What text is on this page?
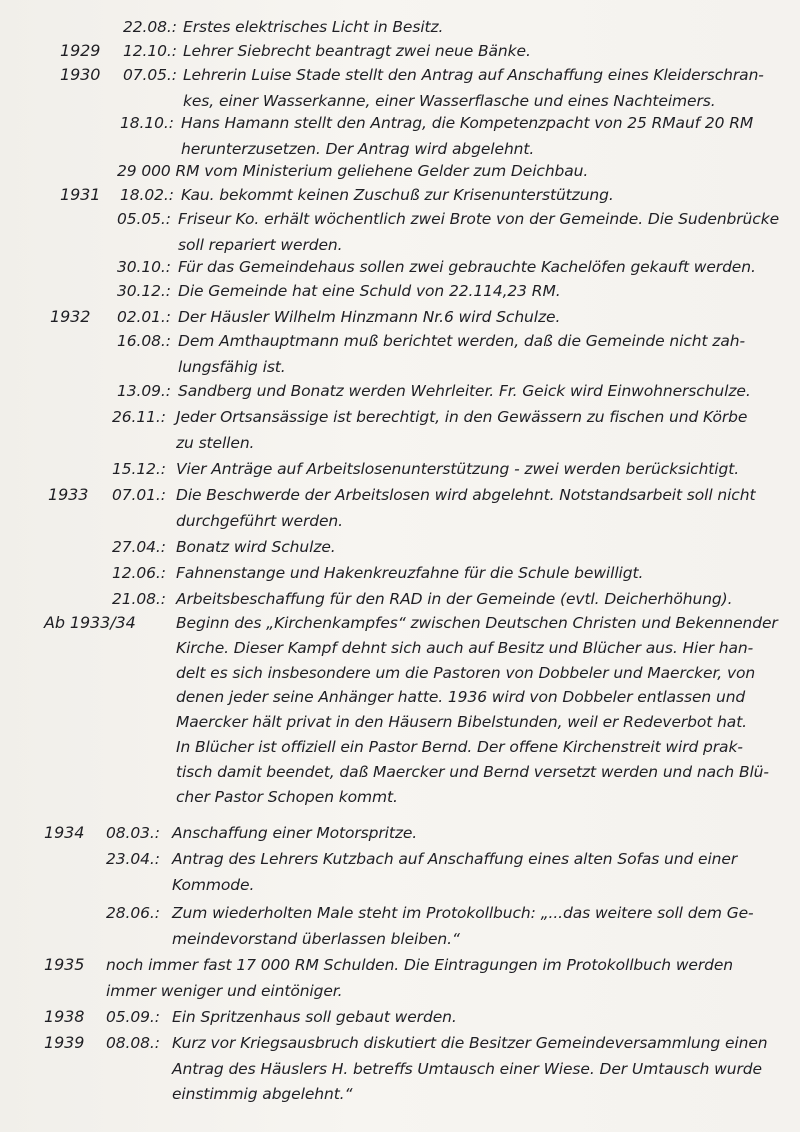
22.08.: Erstes elektrisches Licht in Besitz.
1929 12.10.: Lehrer Siebrecht beantragt zwei neue Bänke.
1930 07.05.: Lehrerin Luise Stade stellt den Antrag auf Anschaffung eines Kleiderschran-
kes, einer Wasserkanne, einer Wasserflasche und eines Nachteimers.
18.10.: Hans Hamann stellt den Antrag, die Kompetenzpacht von 25 RMauf 20 RM
herunterzusetzen. Der Antrag wird abgelehnt.
29 000 RM vom Ministerium geliehene Gelder zum Deichbau.
1931 18.02.: Kau. bekommt keinen Zuschuß zur Krisenunterstützung.
05.05.: Friseur Ko. erhält wöchentlich zwei Brote von der Gemeinde. Die Sudenbrücke
soll repariert werden.
30.10.: Für das Gemeindehaus sollen zwei gebrauchte Kachelöfen gekauft werden.
30.12.: Die Gemeinde hat eine Schuld von 22.114,23 RM.
1932 02.01.: Der Häusler Wilhelm Hinzmann Nr.6 wird Schulze.
16.08.: Dem Amthauptmann muß berichtet werden, daß die Gemeinde nicht zah-
lungsfähig ist.
13.09.: Sandberg und Bonatz werden Wehrleiter. Fr. Geick wird Einwohnerschulze.
26.11.: Jeder Ortsansässige ist berechtigt, in den Gewässern zu fischen und Körbe
zu stellen.
15.12.: Vier Anträge auf Arbeitslosenunterstützung - zwei werden berücksichtigt.
1933 07.01.: Die Beschwerde der Arbeitslosen wird abgelehnt. Notstandsarbeit soll nicht
durchgeführt werden.
27.04.: Bonatz wird Schulze.
12.06.: Fahnenstange und Hakenkreuzfahne für die Schule bewilligt.
21.08.: Arbeitsbeschaffung für den RAD in der Gemeinde (evtl. Deicherhöhung).
Ab 1933/34	Beginn des „Kirchenkampfes“ zwischen Deutschen Christen und Bekennender
Kirche. Dieser Kampf dehnt sich auch auf Besitz und Blücher aus. Hier han-
delt es sich insbesondere um die Pastoren von Dobbeler und Maercker, von
denen jeder seine Anhänger hatte. 1936 wird von Dobbeler entlassen und
Maercker hält privat in den Häusern Bibelstunden, weil er Redeverbot hat.
In Blücher ist offiziell ein Pastor Bernd. Der offene Kirchenstreit wird prak-
tisch damit beendet, daß Maercker und Bernd versetzt werden und nach Blü-
cher Pastor Schopen kommt.
1934 08.03.: Anschaffung einer Motorspritze.
23.04.: Antrag des Lehrers Kutzbach auf Anschaffung eines alten Sofas und einer
Kommode.
28.06.: Zum wiederholten Male steht im Protokollbuch: „...das weitere soll dem Ge-
meindevorstand überlassen bleiben.“
1935 noch immer fast 17 000 RM Schulden. Die Eintragungen im Protokollbuch werden
immer weniger und eintöniger.
1938 05.09.: Ein Spritzenhaus soll gebaut werden.
1939 08.08.: Kurz vor Kriegsausbruch diskutiert die Besitzer Gemeindeversammlung einen
Antrag des Häuslers H. betreffs Umtausch einer Wiese. Der Umtausch wurde
einstimmig abgelehnt.“
